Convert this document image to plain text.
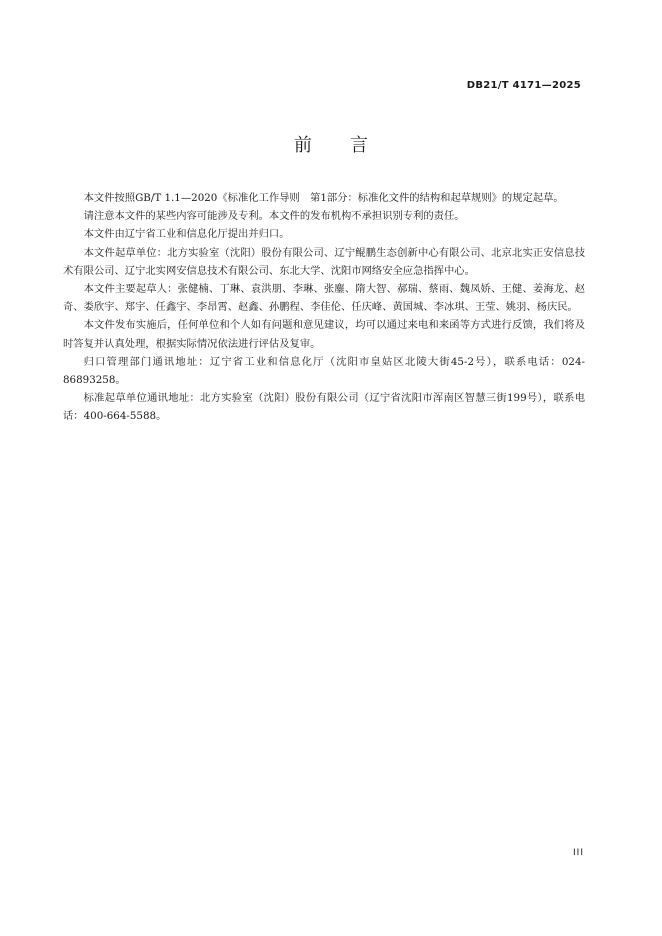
DB21/T 4171—2025
前言

本文件按照GB/T 1.1—2020《标准化工作导则　第1部分：标准化文件的结构和起草规则》的规定起草。

请注意本文件的某些内容可能涉及专利。本文件的发布机构不承担识别专利的责任。

本文件由辽宁省工业和信息化厅提出并归口。

本文件起草单位：北方实验室（沈阳）股份有限公司、辽宁鲲鹏生态创新中心有限公司、北京北实正安信息技术有限公司、辽宁北实网安信息技术有限公司、东北大学、沈阳市网络安全应急指挥中心。

本文件主要起草人：张健楠、丁琳、袁洪朋、李琳、张鏖、隋大智、郝瑞、蔡雨、魏凤娇、王健、姜海龙、赵奇、娄欣宇、郑宇、任鑫宇、李昂霄、赵鑫、孙鹏程、李佳伦、任庆峰、黄国城、李冰琪、王莹、姚羽、杨庆民。

本文件发布实施后，任何单位和个人如有问题和意见建议，均可以通过来电和来函等方式进行反馈，我们将及时答复并认真处理，根据实际情况依法进行评估及复审。

归口管理部门通讯地址：辽宁省工业和信息化厅（沈阳市皇姑区北陵大街45-2号），联系电话：024-86893258。

标准起草单位通讯地址：北方实验室（沈阳）股份有限公司（辽宁省沈阳市浑南区智慧三街199号），联系电话：400-664-5588。

III
